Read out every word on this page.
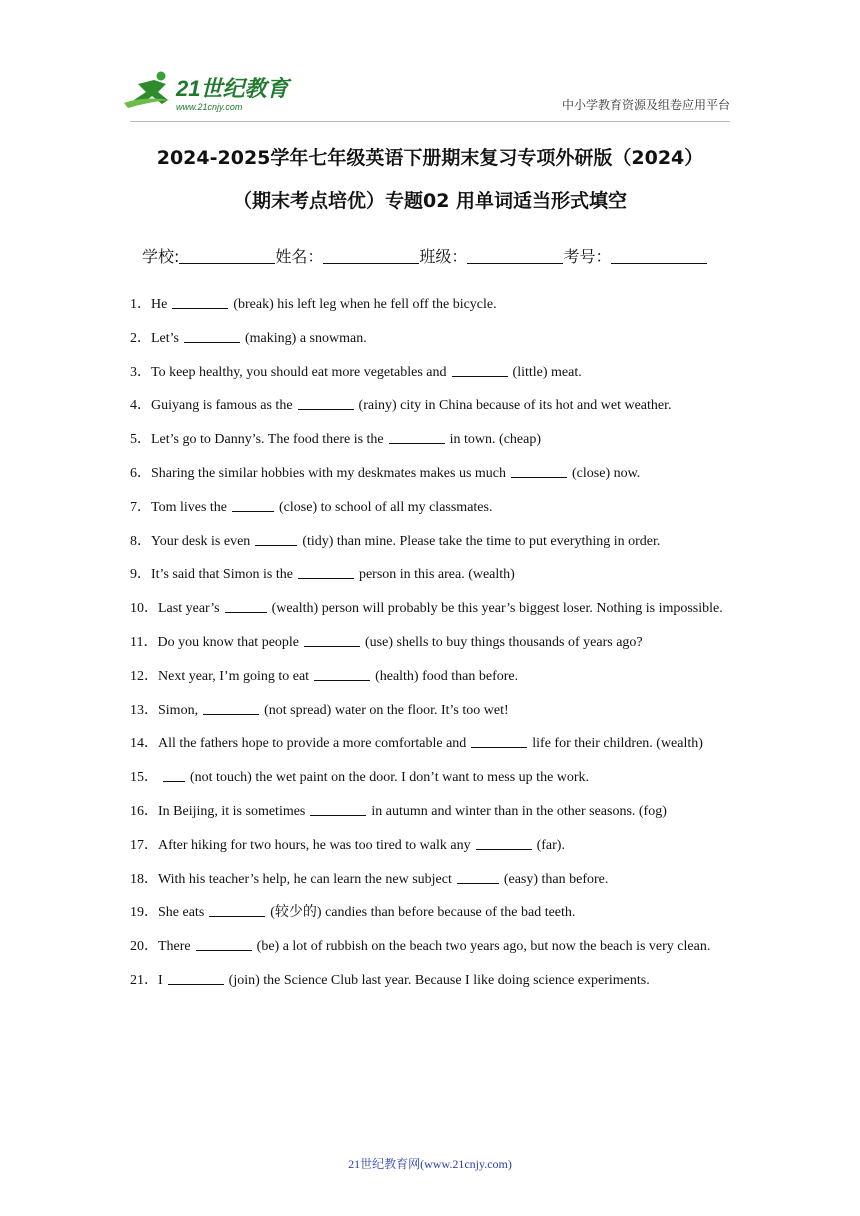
21世纪教育
www.21cnjy.com	中小学教育资源及组卷应用平台
2024-2025学年七年级英语下册期末复习专项外研版（2024）
（期末考点培优）专题02 用单词适当形式填空
学校:	姓名：	班级：	考号：

1．He	(break) his left leg when he fell off the bicycle.

2．Let’s	(making) a snowman.

3．To keep healthy, you should eat more vegetables and	(little) meat.

4．Guiyang is famous as the	(rainy) city in China because of its hot and wet weather.

5．Let’s go to Danny’s. The food there is the	in town. (cheap)

6．Sharing the similar hobbies with my deskmates makes us much	(close) now.

7．Tom lives the	(close) to school of all my classmates.

8．Your desk is even	(tidy) than mine. Please take the time to put everything in order.

9．It’s said that Simon is the	person in this area. (wealth)

10．Last year’s	(wealth) person will probably be this year’s biggest loser. Nothing is impossible.

11．Do you know that people	(use) shells to buy things thousands of years ago?

12．Next year, I’m going to eat	(health) food than before.

13．Simon,	(not spread) water on the floor. It’s too wet!

14．All the fathers hope to provide a more comfortable and	life for their children. (wealth)

15． (not touch) the wet paint on the door. I don’t want to mess up the work.

16．In Beijing, it is sometimes	in autumn and winter than in the other seasons. (fog)

17．After hiking for two hours, he was too tired to walk any	(far).

18．With his teacher’s help, he can learn the new subject	(easy) than before.

19．She eats	(较少的) candies than before because of the bad teeth.

20．There	(be) a lot of rubbish on the beach two years ago, but now the beach is very clean.

21．I	(join) the Science Club last year. Because I like doing science experiments.

21世纪教育网(www.21cnjy.com)
